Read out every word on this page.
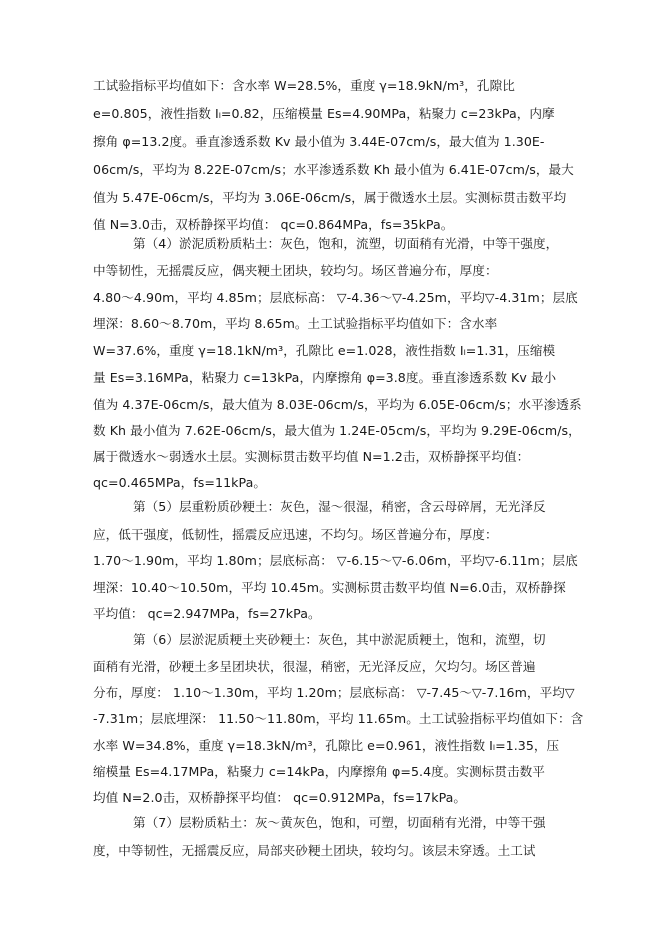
工试验指标平均值如下：含水率 W=28.5%，重度 γ=18.9kN/m³，孔隙比
e=0.805，液性指数 Iₗ=0.82，压缩模量 Es=4.90MPa，粘聚力 c=23kPa，内摩
擦角 φ=13.2度。垂直渗透系数 Kv 最小值为 3.44E-07cm/s，最大值为 1.30E-
06cm/s，平均为 8.22E-07cm/s；水平渗透系数 Kh 最小值为 6.41E-07cm/s，最大
值为 5.47E-06cm/s，平均为 3.06E-06cm/s，属于微透水土层。实测标贯击数平均
值 N=3.0击，双桥静探平均值： qc=0.864MPa，fs=35kPa。
第（4）淤泥质粉质粘土：灰色，饱和，流塑，切面稍有光滑，中等干强度，
中等韧性，无摇震反应，偶夹粳土团块，较均匀。场区普遍分布，厚度：
4.80～4.90m，平均 4.85m；层底标高： ▽-4.36～▽-4.25m，平均▽-4.31m；层底
埋深：8.60～8.70m，平均 8.65m。土工试验指标平均值如下：含水率
W=37.6%，重度 γ=18.1kN/m³，孔隙比 e=1.028，液性指数 Iₗ=1.31，压缩模
量 Es=3.16MPa，粘聚力 c=13kPa，内摩擦角 φ=3.8度。垂直渗透系数 Kv 最小
值为 4.37E-06cm/s，最大值为 8.03E-06cm/s，平均为 6.05E-06cm/s；水平渗透系
数 Kh 最小值为 7.62E-06cm/s，最大值为 1.24E-05cm/s，平均为 9.29E-06cm/s，
属于微透水～弱透水土层。实测标贯击数平均值 N=1.2击，双桥静探平均值：
qc=0.465MPa，fs=11kPa。
第（5）层重粉质砂粳土：灰色，湿～很湿，稍密，含云母碎屑，无光泽反
应，低干强度，低韧性，摇震反应迅速，不均匀。场区普遍分布，厚度：
1.70～1.90m，平均 1.80m；层底标高： ▽-6.15～▽-6.06m，平均▽-6.11m；层底
埋深：10.40～10.50m，平均 10.45m。实测标贯击数平均值 N=6.0击，双桥静探
平均值： qc=2.947MPa，fs=27kPa。
第（6）层淤泥质粳土夹砂粳土：灰色，其中淤泥质粳土，饱和，流塑，切
面稍有光滑，砂粳土多呈团块状，很湿，稍密，无光泽反应，欠均匀。场区普遍
分布，厚度： 1.10～1.30m，平均 1.20m；层底标高： ▽-7.45～▽-7.16m，平均▽
-7.31m；层底埋深： 11.50～11.80m，平均 11.65m。土工试验指标平均值如下：含
水率 W=34.8%，重度 γ=18.3kN/m³，孔隙比 e=0.961，液性指数 Iₗ=1.35，压
缩模量 Es=4.17MPa，粘聚力 c=14kPa，内摩擦角 φ=5.4度。实测标贯击数平
均值 N=2.0击，双桥静探平均值： qc=0.912MPa，fs=17kPa。
第（7）层粉质粘土：灰～黄灰色，饱和，可塑，切面稍有光滑，中等干强
度，中等韧性，无摇震反应，局部夹砂粳土团块，较均匀。该层未穿透。土工试
